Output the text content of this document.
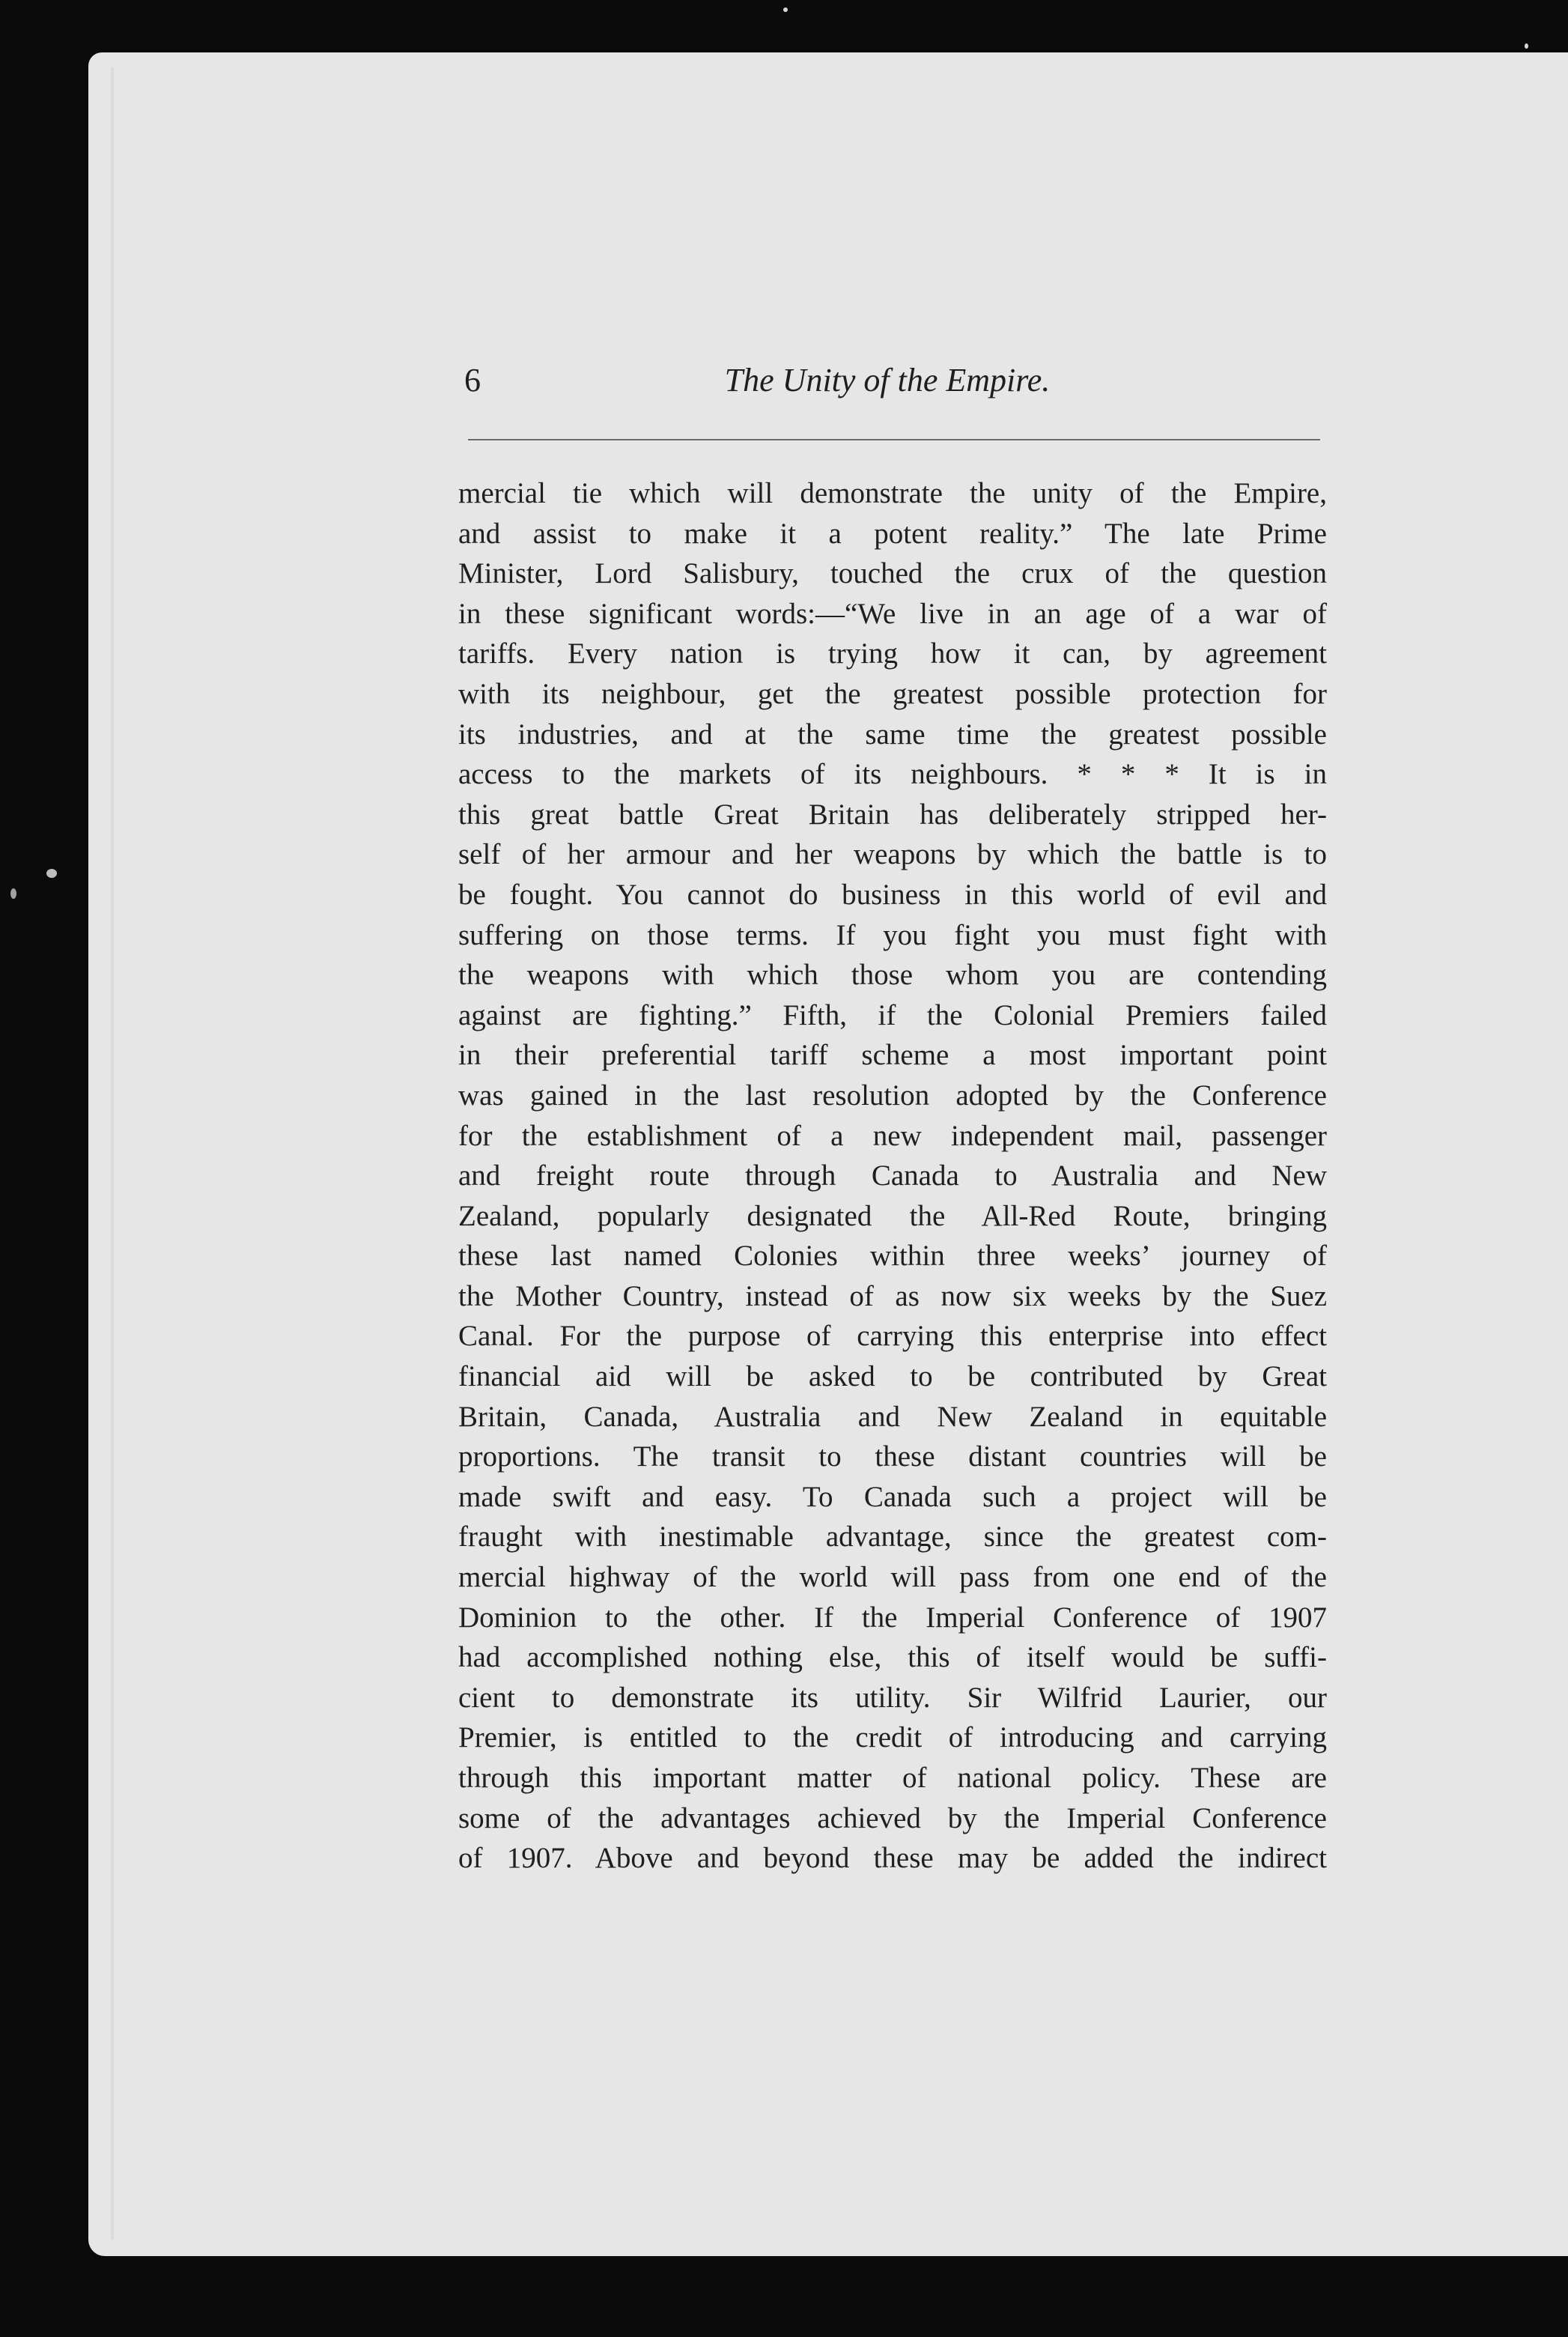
6	The Unity of the Empire.
mercial tie which will demonstrate the unity of the Empire,
and assist to make it a potent reality.” The late Prime
Minister, Lord Salisbury, touched the crux of the question
in these significant words:—“We live in an age of a war of
tariffs. Every nation is trying how it can, by agreement
with its neighbour, get the greatest possible protection for
its industries, and at the same time the greatest possible
access to the markets of its neighbours. * * * It is in
this great battle Great Britain has deliberately stripped her-
self of her armour and her weapons by which the battle is to
be fought. You cannot do business in this world of evil and
suffering on those terms. If you fight you must fight with
the weapons with which those whom you are contending
against are fighting.” Fifth, if the Colonial Premiers failed
in their preferential tariff scheme a most important point
was gained in the last resolution adopted by the Conference
for the establishment of a new independent mail, passenger
and freight route through Canada to Australia and New
Zealand, popularly designated the All-Red Route, bringing
these last named Colonies within three weeks’ journey of
the Mother Country, instead of as now six weeks by the Suez
Canal. For the purpose of carrying this enterprise into effect
financial aid will be asked to be contributed by Great
Britain, Canada, Australia and New Zealand in equitable
proportions. The transit to these distant countries will be
made swift and easy. To Canada such a project will be
fraught with inestimable advantage, since the greatest com-
mercial highway of the world will pass from one end of the
Dominion to the other. If the Imperial Conference of 1907
had accomplished nothing else, this of itself would be suffi-
cient to demonstrate its utility. Sir Wilfrid Laurier, our
Premier, is entitled to the credit of introducing and carrying
through this important matter of national policy. These are
some of the advantages achieved by the Imperial Conference
of 1907. Above and beyond these may be added the indirect
